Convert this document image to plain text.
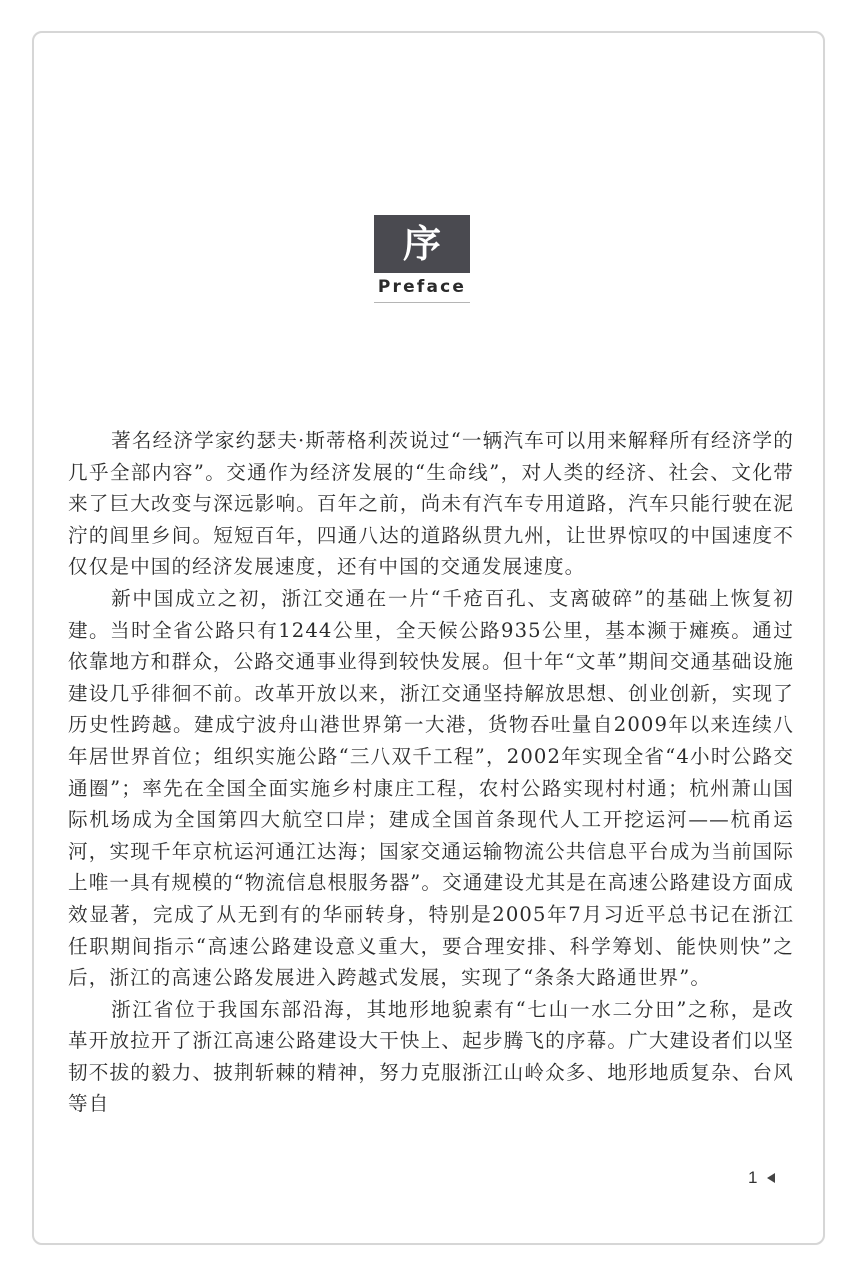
序
Preface

著名经济学家约瑟夫·斯蒂格利茨说过“一辆汽车可以用来解释所有经济学的几乎全部内容”。交通作为经济发展的“生命线”，对人类的经济、社会、文化带来了巨大改变与深远影响。百年之前，尚未有汽车专用道路，汽车只能行驶在泥泞的闾里乡间。短短百年，四通八达的道路纵贯九州，让世界惊叹的中国速度不仅仅是中国的经济发展速度，还有中国的交通发展速度。

新中国成立之初，浙江交通在一片“千疮百孔、支离破碎”的基础上恢复初建。当时全省公路只有1244公里，全天候公路935公里，基本濒于瘫痪。通过依靠地方和群众，公路交通事业得到较快发展。但十年“文革”期间交通基础设施建设几乎徘徊不前。改革开放以来，浙江交通坚持解放思想、创业创新，实现了历史性跨越。建成宁波舟山港世界第一大港，货物吞吐量自2009年以来连续八年居世界首位；组织实施公路“三八双千工程”，2002年实现全省“4小时公路交通圈”；率先在全国全面实施乡村康庄工程，农村公路实现村村通；杭州萧山国际机场成为全国第四大航空口岸；建成全国首条现代人工开挖运河——杭甬运河，实现千年京杭运河通江达海；国家交通运输物流公共信息平台成为当前国际上唯一具有规模的“物流信息根服务器”。交通建设尤其是在高速公路建设方面成效显著，完成了从无到有的华丽转身，特别是2005年7月习近平总书记在浙江任职期间指示“高速公路建设意义重大，要合理安排、科学筹划、能快则快”之后，浙江的高速公路发展进入跨越式发展，实现了“条条大路通世界”。

浙江省位于我国东部沿海，其地形地貌素有“七山一水二分田”之称，是改革开放拉开了浙江高速公路建设大干快上、起步腾飞的序幕。广大建设者们以坚韧不拔的毅力、披荆斩棘的精神，努力克服浙江山岭众多、地形地质复杂、台风等自

1
